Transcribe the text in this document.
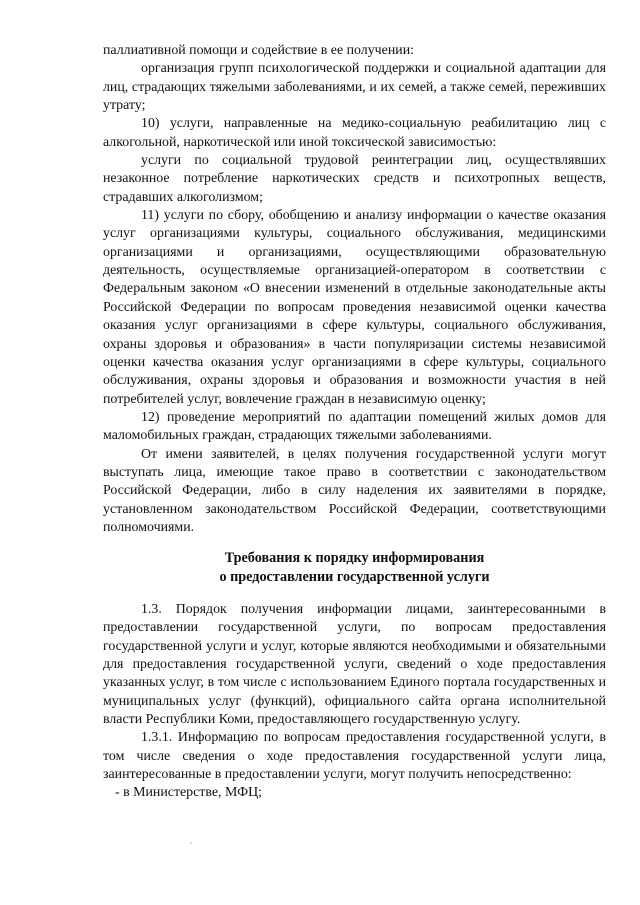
паллиативной помощи и содействие в ее получении:

организация групп психологической поддержки и социальной адаптации для лиц, страдающих тяжелыми заболеваниями, и их семей, а также семей, переживших утрату;

10) услуги, направленные на медико-социальную реабилитацию лиц с алкогольной, наркотической или иной токсической зависимостью:

услуги по социальной трудовой реинтеграции лиц, осуществлявших незаконное потребление наркотических средств и психотропных веществ, страдавших алкоголизмом;

11) услуги по сбору, обобщению и анализу информации о качестве оказания услуг организациями культуры, социального обслуживания, медицинскими организациями и организациями, осуществляющими образовательную деятельность, осуществляемые организацией-оператором в соответствии с Федеральным законом «О внесении изменений в отдельные законодательные акты Российской Федерации по вопросам проведения независимой оценки качества оказания услуг организациями в сфере культуры, социального обслуживания, охраны здоровья и образования» в части популяризации системы независимой оценки качества оказания услуг организациями в сфере культуры, социального обслуживания, охраны здоровья и образования и возможности участия в ней потребителей услуг, вовлечение граждан в независимую оценку;

12) проведение мероприятий по адаптации помещений жилых домов для маломобильных граждан, страдающих тяжелыми заболеваниями.

От имени заявителей, в целях получения государственной услуги могут выступать лица, имеющие такое право в соответствии с законодательством Российской Федерации, либо в силу наделения их заявителями в порядке, установленном законодательством Российской Федерации, соответствующими полномочиями.

Требования к порядку информирования
о предоставлении государственной услуги

1.3. Порядок получения информации лицами, заинтересованными в предоставлении государственной услуги, по вопросам предоставления государственной услуги и услуг, которые являются необходимыми и обязательными для предоставления государственной услуги, сведений о ходе предоставления указанных услуг, в том числе с использованием Единого портала государственных и муниципальных услуг (функций), официального сайта органа исполнительной власти Республики Коми, предоставляющего государственную услугу.

1.3.1. Информацию по вопросам предоставления государственной услуги, в том числе сведения о ходе предоставления государственной услуги лица, заинтересованные в предоставлении услуги, могут получить непосредственно:

- в Министерстве, МФЦ;
